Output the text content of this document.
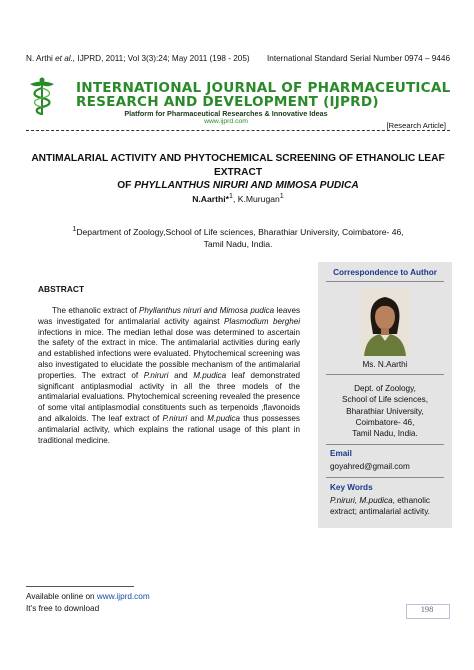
N. Arthi et al., IJPRD, 2011; Vol 3(3):24; May 2011 (198 - 205) International Standard Serial Number 0974 – 9446
INTERNATIONAL JOURNAL OF PHARMACEUTICAL
RESEARCH AND DEVELOPMENT (IJPRD)
Platform for Pharmaceutical Researches & Innovative Ideas
www.ijprd.com	[Research Article]
ANTIMALARIAL ACTIVITY AND PHYTOCHEMICAL SCREENING OF ETHANOLIC LEAF EXTRACT
OF PHYLLANTHUS NIRURI AND MIMOSA PUDICA
N.Aarthi*$^1$, K.Murugan$^1$
$^1$Department of Zoology,School of Life sciences, Bharathiar University, Coimbatore- 46,
Tamil Nadu, India.
ABSTRACT

The ethanolic extract of Phyllanthus niruri and Mimosa pudica leaves was investigated for antimalarial activity against Plasmodium berghei infections in mice. The median lethal dose was determined to ascertain the safety of the extract in mice. The antimalarial activities during early and established infections were evaluated. Phytochemical screening was also investigated to elucidate the possible mechanism of the antimalarial properties. The extract of P.niruri and M.pudica leaf demonstrated significant antiplasmodial activity in all the three models of the antimalarial evaluations. Phytochemical screening revealed the presence of some vital antiplasmodial constituents such as terpenoids ,flavonoids and alkaloids. The leaf extract of P.niruri and M.pudica thus possesses antimalarial activity, which explains the rational usage of this plant in traditional medicine.

Correspondence to Author
Ms. N.Aarthi
Dept. of Zoology,
School of Life sciences,
Bharathiar University,
Coimbatore- 46,
Tamil Nadu, India.
Email
goyahred@gmail.com
Key Words
P.niruri, M.pudica, ethanolic extract; antimalarial activity.
Available online on www.ijprd.com
It’s free to download	198
